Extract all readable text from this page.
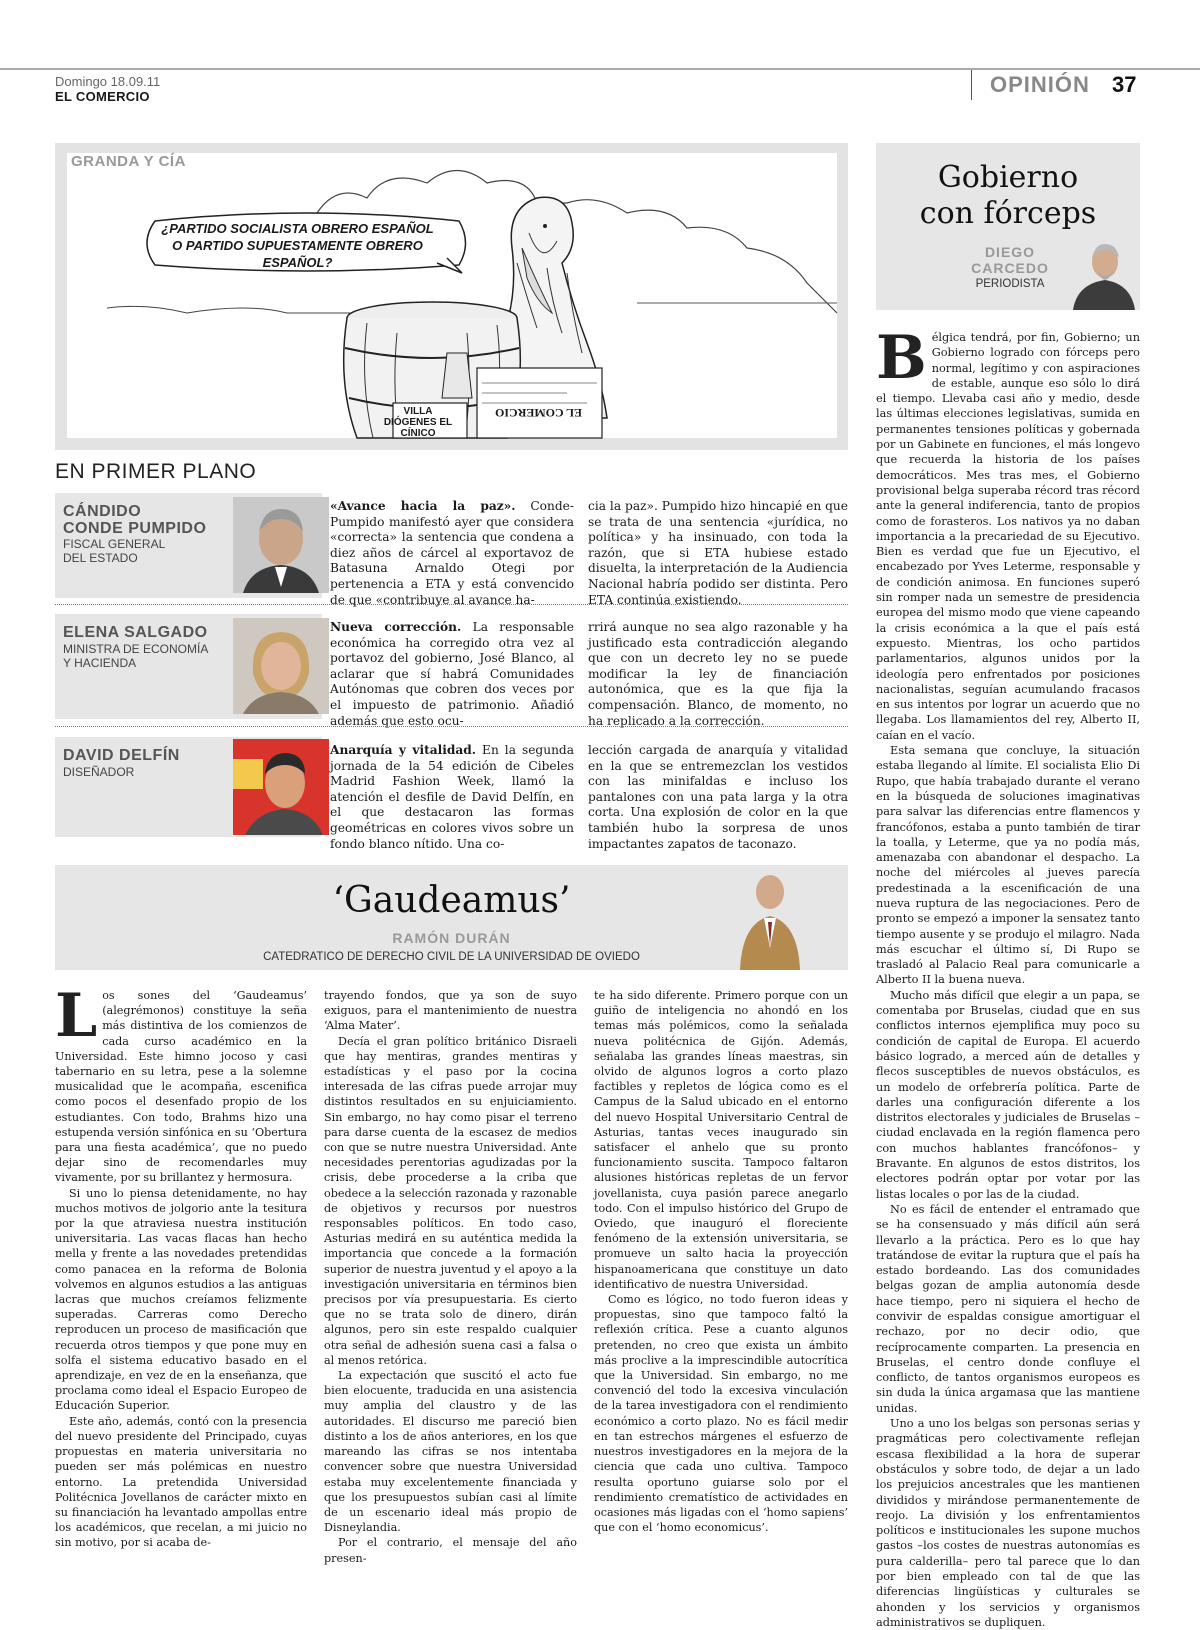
Domingo 18.09.11
EL COMERCIO	OPINIÓN 37
GRANDA Y CÍA
¿PARTIDO SOCIALISTA OBRERO ESPAÑOL O PARTIDO SUPUESTAMENTE OBRERO ESPAÑOL?
VILLA DIÓGENES EL CÍNICO
EL COMERCIO
EN PRIMER PLANO
CÁNDIDO
CONDE PUMPIDO
FISCAL GENERAL
DEL ESTADO
«Avance hacia la paz». Conde-Pumpido manifestó ayer que considera «correcta» la sentencia que condena a diez años de cárcel al exportavoz de Batasuna Arnaldo Otegi por pertenencia a ETA y está convencido de que «contribuye al avance ha-
cia la paz». Pumpido hizo hincapié en que se trata de una sentencia «jurídica, no política» y ha insinuado, con toda la razón, que si ETA hubiese estado disuelta, la interpretación de la Audiencia Nacional habría podido ser distinta. Pero ETA continúa existiendo.
ELENA SALGADO
MINISTRA DE ECONOMÍA
Y HACIENDA
Nueva corrección. La responsable económica ha corregido otra vez al portavoz del gobierno, José Blanco, al aclarar que sí habrá Comunidades Autónomas que cobren dos veces por el impuesto de patrimonio. Añadió además que esto ocu-
rrirá aunque no sea algo razonable y ha justificado esta contradicción alegando que con un decreto ley no se puede modificar la ley de financiación autonómica, que es la que fija la compensación. Blanco, de momento, no ha replicado a la corrección.
DAVID DELFÍN
DISEÑADOR
Anarquía y vitalidad. En la segunda jornada de la 54 edición de Cibeles Madrid Fashion Week, llamó la atención el desfile de David Delfín, en el que destacaron las formas geométricas en colores vivos sobre un fondo blanco nítido. Una co-
lección cargada de anarquía y vitalidad en la que se entremezclan los vestidos con las minifaldas e incluso los pantalones con una pata larga y la otra corta. Una explosión de color en la que también hubo la sorpresa de unos impactantes zapatos de taconazo.
‘Gaudeamus’
RAMÓN DURÁN
CATEDRATICO DE DERECHO CIVIL DE LA UNIVERSIDAD DE OVIEDO

Los sones del ‘Gaudeamus’ (alegrémonos) constituye la seña más distintiva de los comienzos de cada curso académico en la Universidad. Este himno jocoso y casi tabernario en su letra, pese a la solemne musicalidad que le acompaña, escenifica como pocos el desenfado propio de los estudiantes. Con todo, Brahms hizo una estupenda versión sinfónica en su ‘Obertura para una fiesta académica’, que no puedo dejar sino de recomendarles muy vivamente, por su brillantez y hermosura.

Si uno lo piensa detenidamente, no hay muchos motivos de jolgorio ante la tesitura por la que atraviesa nuestra institución universitaria. Las vacas flacas han hecho mella y frente a las novedades pretendidas como panacea en la reforma de Bolonia volvemos en algunos estudios a las antiguas lacras que muchos creíamos felizmente superadas. Carreras como Derecho reproducen un proceso de masificación que recuerda otros tiempos y que pone muy en solfa el sistema educativo basado en el aprendizaje, en vez de en la enseñanza, que proclama como ideal el Espacio Europeo de Educación Superior.

Este año, además, contó con la presencia del nuevo presidente del Principado, cuyas propuestas en materia universitaria no pueden ser más polémicas en nuestro entorno. La pretendida Universidad Politécnica Jovellanos de carácter mixto en su financiación ha levantado ampollas entre los académicos, que recelan, a mi juicio no sin motivo, por si acaba de-

trayendo fondos, que ya son de suyo exiguos, para el mantenimiento de nuestra ‘Alma Mater’.

Decía el gran político británico Disraeli que hay mentiras, grandes mentiras y estadísticas y el paso por la cocina interesada de las cifras puede arrojar muy distintos resultados en su enjuiciamiento. Sin embargo, no hay como pisar el terreno para darse cuenta de la escasez de medios con que se nutre nuestra Universidad. Ante necesidades perentorias agudizadas por la crisis, debe procederse a la criba que obedece a la selección razonada y razonable de objetivos y recursos por nuestros responsables políticos. En todo caso, Asturias medirá en su auténtica medida la importancia que concede a la formación superior de nuestra juventud y el apoyo a la investigación universitaria en términos bien precisos por vía presupuestaria. Es cierto que no se trata solo de dinero, dirán algunos, pero sin este respaldo cualquier otra señal de adhesión suena casi a falsa o al menos retórica.

La expectación que suscitó el acto fue bien elocuente, traducida en una asistencia muy amplia del claustro y de las autoridades. El discurso me pareció bien distinto a los de años anteriores, en los que mareando las cifras se nos intentaba convencer sobre que nuestra Universidad estaba muy excelentemente financiada y que los presupuestos subían casi al límite de un escenario ideal más propio de Disneylandia.

Por el contrario, el mensaje del año presen-

te ha sido diferente. Primero porque con un guiño de inteligencia no ahondó en los temas más polémicos, como la señalada nueva politécnica de Gijón. Además, señalaba las grandes líneas maestras, sin olvido de algunos logros a corto plazo factibles y repletos de lógica como es el Campus de la Salud ubicado en el entorno del nuevo Hospital Universitario Central de Asturias, tantas veces inaugurado sin satisfacer el anhelo que su pronto funcionamiento suscita. Tampoco faltaron alusiones históricas repletas de un fervor jovellanista, cuya pasión parece anegarlo todo. Con el impulso histórico del Grupo de Oviedo, que inauguró el floreciente fenómeno de la extensión universitaria, se promueve un salto hacia la proyección hispanoamericana que constituye un dato identificativo de nuestra Universidad.

Como es lógico, no todo fueron ideas y propuestas, sino que tampoco faltó la reflexión crítica. Pese a cuanto algunos pretenden, no creo que exista un ámbito más proclive a la imprescindible autocrítica que la Universidad. Sin embargo, no me convenció del todo la excesiva vinculación de la tarea investigadora con el rendimiento económico a corto plazo. No es fácil medir en tan estrechos márgenes el esfuerzo de nuestros investigadores en la mejora de la ciencia que cada uno cultiva. Tampoco resulta oportuno guiarse solo por el rendimiento crematístico de actividades en ocasiones más ligadas con el ‘homo sapiens’ que con el ‘homo economicus’.

Gobierno
con fórceps
DIEGO
CARCEDO
PERIODISTA

Bélgica tendrá, por fin, Gobierno; un Gobierno logrado con fórceps pero normal, legítimo y con aspiraciones de estable, aunque eso sólo lo dirá el tiempo. Llevaba casi año y medio, desde las últimas elecciones legislativas, sumida en permanentes tensiones políticas y gobernada por un Gabinete en funciones, el más longevo que recuerda la historia de los países democráticos. Mes tras mes, el Gobierno provisional belga superaba récord tras récord ante la general indiferencia, tanto de propios como de forasteros. Los nativos ya no daban importancia a la precariedad de su Ejecutivo. Bien es verdad que fue un Ejecutivo, el encabezado por Yves Leterme, responsable y de condición animosa. En funciones superó sin romper nada un semestre de presidencia europea del mismo modo que viene capeando la crisis económica a la que el país está expuesto. Mientras, los ocho partidos parlamentarios, algunos unidos por la ideología pero enfrentados por posiciones nacionalistas, seguían acumulando fracasos en sus intentos por lograr un acuerdo que no llegaba. Los llamamientos del rey, Alberto II, caían en el vacío.

Esta semana que concluye, la situación estaba llegando al límite. El socialista Elio Di Rupo, que había trabajado durante el verano en la búsqueda de soluciones imaginativas para salvar las diferencias entre flamencos y francófonos, estaba a punto también de tirar la toalla, y Leterme, que ya no podía más, amenazaba con abandonar el despacho. La noche del miércoles al jueves parecía predestinada a la escenificación de una nueva ruptura de las negociaciones. Pero de pronto se empezó a imponer la sensatez tanto tiempo ausente y se produjo el milagro. Nada más escuchar el último sí, Di Rupo se trasladó al Palacio Real para comunicarle a Alberto II la buena nueva.

Mucho más difícil que elegir a un papa, se comentaba por Bruselas, ciudad que en sus conflictos internos ejemplifica muy poco su condición de capital de Europa. El acuerdo básico logrado, a merced aún de detalles y flecos susceptibles de nuevos obstáculos, es un modelo de orfebrería política. Parte de darles una configuración diferente a los distritos electorales y judiciales de Bruselas –ciudad enclavada en la región flamenca pero con muchos hablantes francófonos– y Bravante. En algunos de estos distritos, los electores podrán optar por votar por las listas locales o por las de la ciudad.

No es fácil de entender el entramado que se ha consensuado y más difícil aún será llevarlo a la práctica. Pero es lo que hay tratándose de evitar la ruptura que el país ha estado bordeando. Las dos comunidades belgas gozan de amplia autonomía desde hace tiempo, pero ni siquiera el hecho de convivir de espaldas consigue amortiguar el rechazo, por no decir odio, que recíprocamente comparten. La presencia en Bruselas, el centro donde confluye el conflicto, de tantos organismos europeos es sin duda la única argamasa que las mantiene unidas.

Uno a uno los belgas son personas serias y pragmáticas pero colectivamente reflejan escasa flexibilidad a la hora de superar obstáculos y sobre todo, de dejar a un lado los prejuicios ancestrales que les mantienen divididos y mirándose permanentemente de reojo. La división y los enfrentamientos políticos e institucionales les supone muchos gastos –los costes de nuestras autonomías es pura calderilla– pero tal parece que lo dan por bien empleado con tal de que las diferencias lingüísticas y culturales se ahonden y los servicios y organismos administrativos se dupliquen.
